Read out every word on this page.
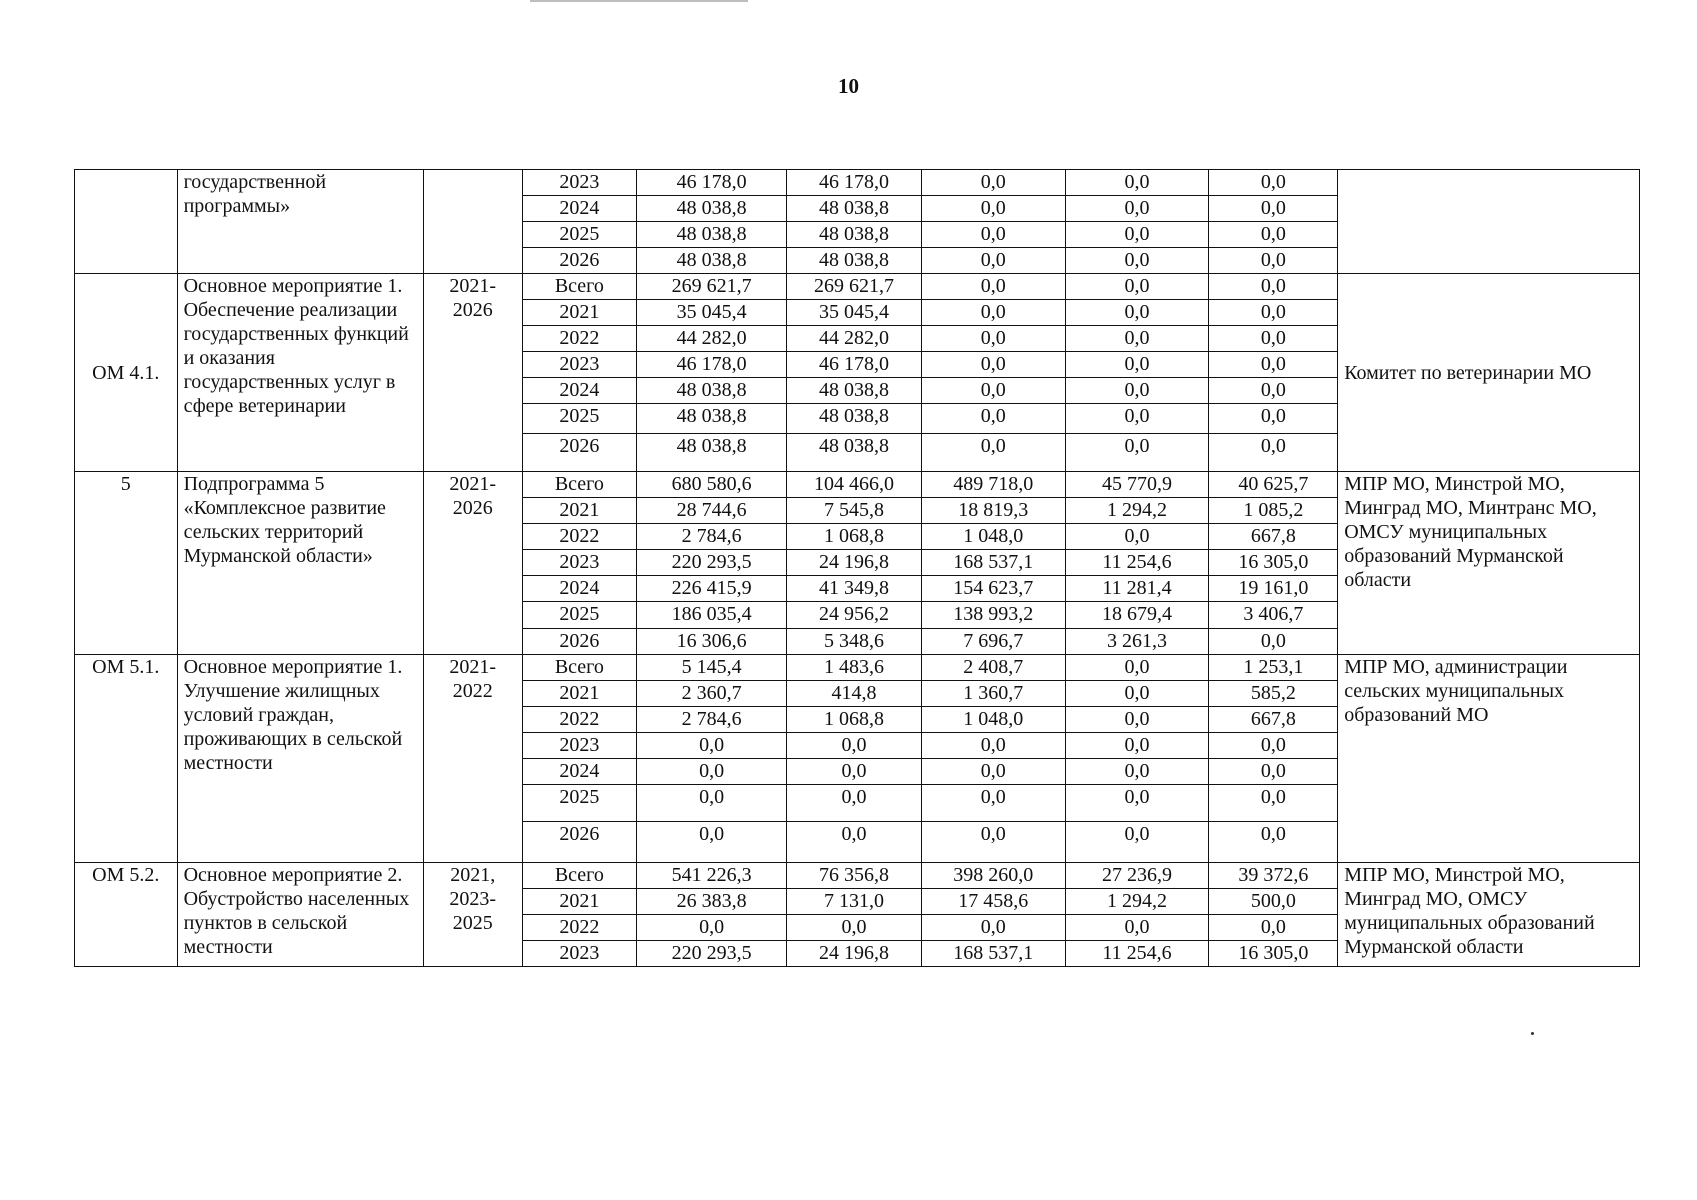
10
	государственной программы»		2023	46 178,0	46 178,0	0,0	0,0	0,0	
			2024	48 038,8	48 038,8	0,0	0,0	0,0	
			2025	48 038,8	48 038,8	0,0	0,0	0,0	
			2026	48 038,8	48 038,8	0,0	0,0	0,0	
ОМ 4.1.	Основное мероприятие 1. Обеспечение реализации государственных функций и оказания государственных услуг в сфере ветеринарии	2021-2026	Всего	269 621,7	269 621,7	0,0	0,0	0,0	Комитет по ветеринарии МО
			2021	35 045,4	35 045,4	0,0	0,0	0,0	
			2022	44 282,0	44 282,0	0,0	0,0	0,0	
			2023	46 178,0	46 178,0	0,0	0,0	0,0	
			2024	48 038,8	48 038,8	0,0	0,0	0,0	
			2025	48 038,8	48 038,8	0,0	0,0	0,0	
			2026	48 038,8	48 038,8	0,0	0,0	0,0	
5	Подпрограмма 5 «Комплексное развитие сельских территорий Мурманской области»	2021-2026	Всего	680 580,6	104 466,0	489 718,0	45 770,9	40 625,7	МПР МО, Минстрой МО, Минград МО, Минтранс МО, ОМСУ муниципальных образований Мурманской области
			2021	28 744,6	7 545,8	18 819,3	1 294,2	1 085,2	
			2022	2 784,6	1 068,8	1 048,0	0,0	667,8	
			2023	220 293,5	24 196,8	168 537,1	11 254,6	16 305,0	
			2024	226 415,9	41 349,8	154 623,7	11 281,4	19 161,0	
			2025	186 035,4	24 956,2	138 993,2	18 679,4	3 406,7	
			2026	16 306,6	5 348,6	7 696,7	3 261,3	0,0	
ОМ 5.1.	Основное мероприятие 1. Улучшение жилищных условий граждан, проживающих в сельской местности	2021-2022	Всего	5 145,4	1 483,6	2 408,7	0,0	1 253,1	МПР МО, администрации сельских муниципальных образований МО
			2021	2 360,7	414,8	1 360,7	0,0	585,2	
			2022	2 784,6	1 068,8	1 048,0	0,0	667,8	
			2023	0,0	0,0	0,0	0,0	0,0	
			2024	0,0	0,0	0,0	0,0	0,0	
			2025	0,0	0,0	0,0	0,0	0,0	
			2026	0,0	0,0	0,0	0,0	0,0	
ОМ 5.2.	Основное мероприятие 2. Обустройство населенных пунктов в сельской местности	2021, 2023-2025	Всего	541 226,3	76 356,8	398 260,0	27 236,9	39 372,6	МПР МО, Минстрой МО, Минград МО, ОМСУ муниципальных образований Мурманской области
			2021	26 383,8	7 131,0	17 458,6	1 294,2	500,0	
			2022	0,0	0,0	0,0	0,0	0,0	
			2023	220 293,5	24 196,8	168 537,1	11 254,6	16 305,0	
